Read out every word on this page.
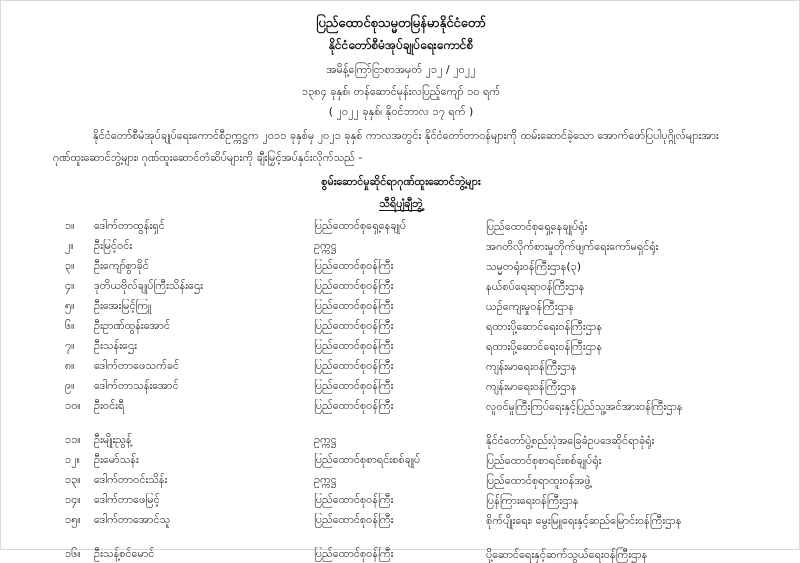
ပြည်ထောင်စုသမ္မတမြန်မာနိုင်ငံတော်
နိုင်ငံတော်စီမံအုပ်ချုပ်ရေးကောင်စီ
အမိန့်ကြော်ငြာစာအမှတ် ၂၁၂ / ၂၀၂၂
၁၃၈၄ ခုနှစ်၊ တန်ဆောင်မုန်းလပြည့်ကျော် ၁၀ ရက်
( ၂၀၂၂ ခုနှစ်၊ နိုဝင်ဘာလ ၁၇ ရက် )
နိုင်ငံတော်စီမံအုပ်ချုပ်ရေးကောင်စီဥက္ကဋ္ဌက ၂၀၁၁ ခုနှစ်မှ ၂၀၂၁ ခုနှစ် ကာလအတွင်း နိုင်ငံတော်တာဝန်များကို ထမ်းဆောင်ခဲ့သော အောက်ဖော်ပြပါပုဂ္ဂိုလ်များအား ဂုဏ်ထူးဆောင်ဘွဲ့များ၊ ဂုဏ်ထူးဆောင်တံဆိပ်များကို ချီးမြှင့်အပ်နှင်းလိုက်သည် -
စွမ်းဆောင်မှုဆိုင်ရာဂုဏ်ထူးဆောင်ဘွဲ့များ
သီရိပျံချီဘွဲ့
၁။	ဒေါက်တာထွန်းရှင်	ပြည်ထောင်စုရှေ့နေချုပ်	ပြည်ထောင်စုရှေ့နေချုပ်ရုံး
၂။	ဦးမြင့်ဝင်း	ဥက္ကဋ္ဌ	အဂတိလိုက်စားမှုတိုက်ဖျက်ရေးကော်မရှင်ရုံး
၃။	ဦးကျော်စွာခိုင်	ပြည်ထောင်စုဝန်ကြီး	သမ္မတရုံးဝန်ကြီးဌာန(၃)
၄။	ဒုတိယဗိုလ်ချုပ်ကြီးသိန်းဌေး	ပြည်ထောင်စုဝန်ကြီး	နယ်စပ်ရေးရာဝန်ကြီးဌာန
၅။	ဦးအေးမြင့်ကြူ	ပြည်ထောင်စုဝန်ကြီး	ယဉ်ကျေးမှုဝန်ကြီးဌာန
၆။	ဦးဥာဏ်ထွန်းအောင်	ပြည်ထောင်စုဝန်ကြီး	ရထားပို့ဆောင်ရေးဝန်ကြီးဌာန
၇။	ဦးသန်းဌေး	ပြည်ထောင်စုဝန်ကြီး	ရထားပို့ဆောင်ရေးဝန်ကြီးဌာန
၈။	ဒေါက်တာဖေသက်ခင်	ပြည်ထောင်စုဝန်ကြီး	ကျန်းမာရေးဝန်ကြီးဌာန
၉။	ဒေါက်တာသန်းအောင်	ပြည်ထောင်စုဝန်ကြီး	ကျန်းမာရေးဝန်ကြီးဌာန
၁၀။	ဦးဝင်းရီ	ပြည်ထောင်စုဝန်ကြီး	လူဝင်မှုကြီးကြပ်ရေးနှင့်ပြည်သူ့အင်အားဝန်ကြီးဌာန
၁၁။	ဦးမျိုးညွန့်	ဥက္ကဋ္ဌ	နိုင်ငံတော်ပွဲ့စည်းပုံအခြေခံဥပဒေဆိုင်ရာခုံရုံး
၁၂။	ဦးမော်သန်း	ပြည်ထောင်စုစာရင်းစစ်ချုပ်	ပြည်ထောင်စုစာရင်းစစ်ချုပ်ရုံး
၁၃။	ဒေါက်တာဝင်းသိန်း	ဥက္ကဋ္ဌ	ပြည်ထောင်စုရာထူးဝန်အဖွဲ့
၁၄။	ဒေါက်တာဖေမြင့်	ပြည်ထောင်စုဝန်ကြီး	ပြန်ကြားရေးဝန်ကြီးဌာန
၁၅။	ဒေါက်တာအောင်သူ	ပြည်ထောင်စုဝန်ကြီး	စိုက်ပျိုးရေး၊ မွေးမြူရေးနှင့်ဆည်မြောင်းဝန်ကြီးဌာန
၁၆။	ဦးသန့်စင်မောင်	ပြည်ထောင်စုဝန်ကြီး	ပို့ဆောင်ရေးနှင့်ဆက်သွယ်ရေးဝန်ကြီးဌာန
